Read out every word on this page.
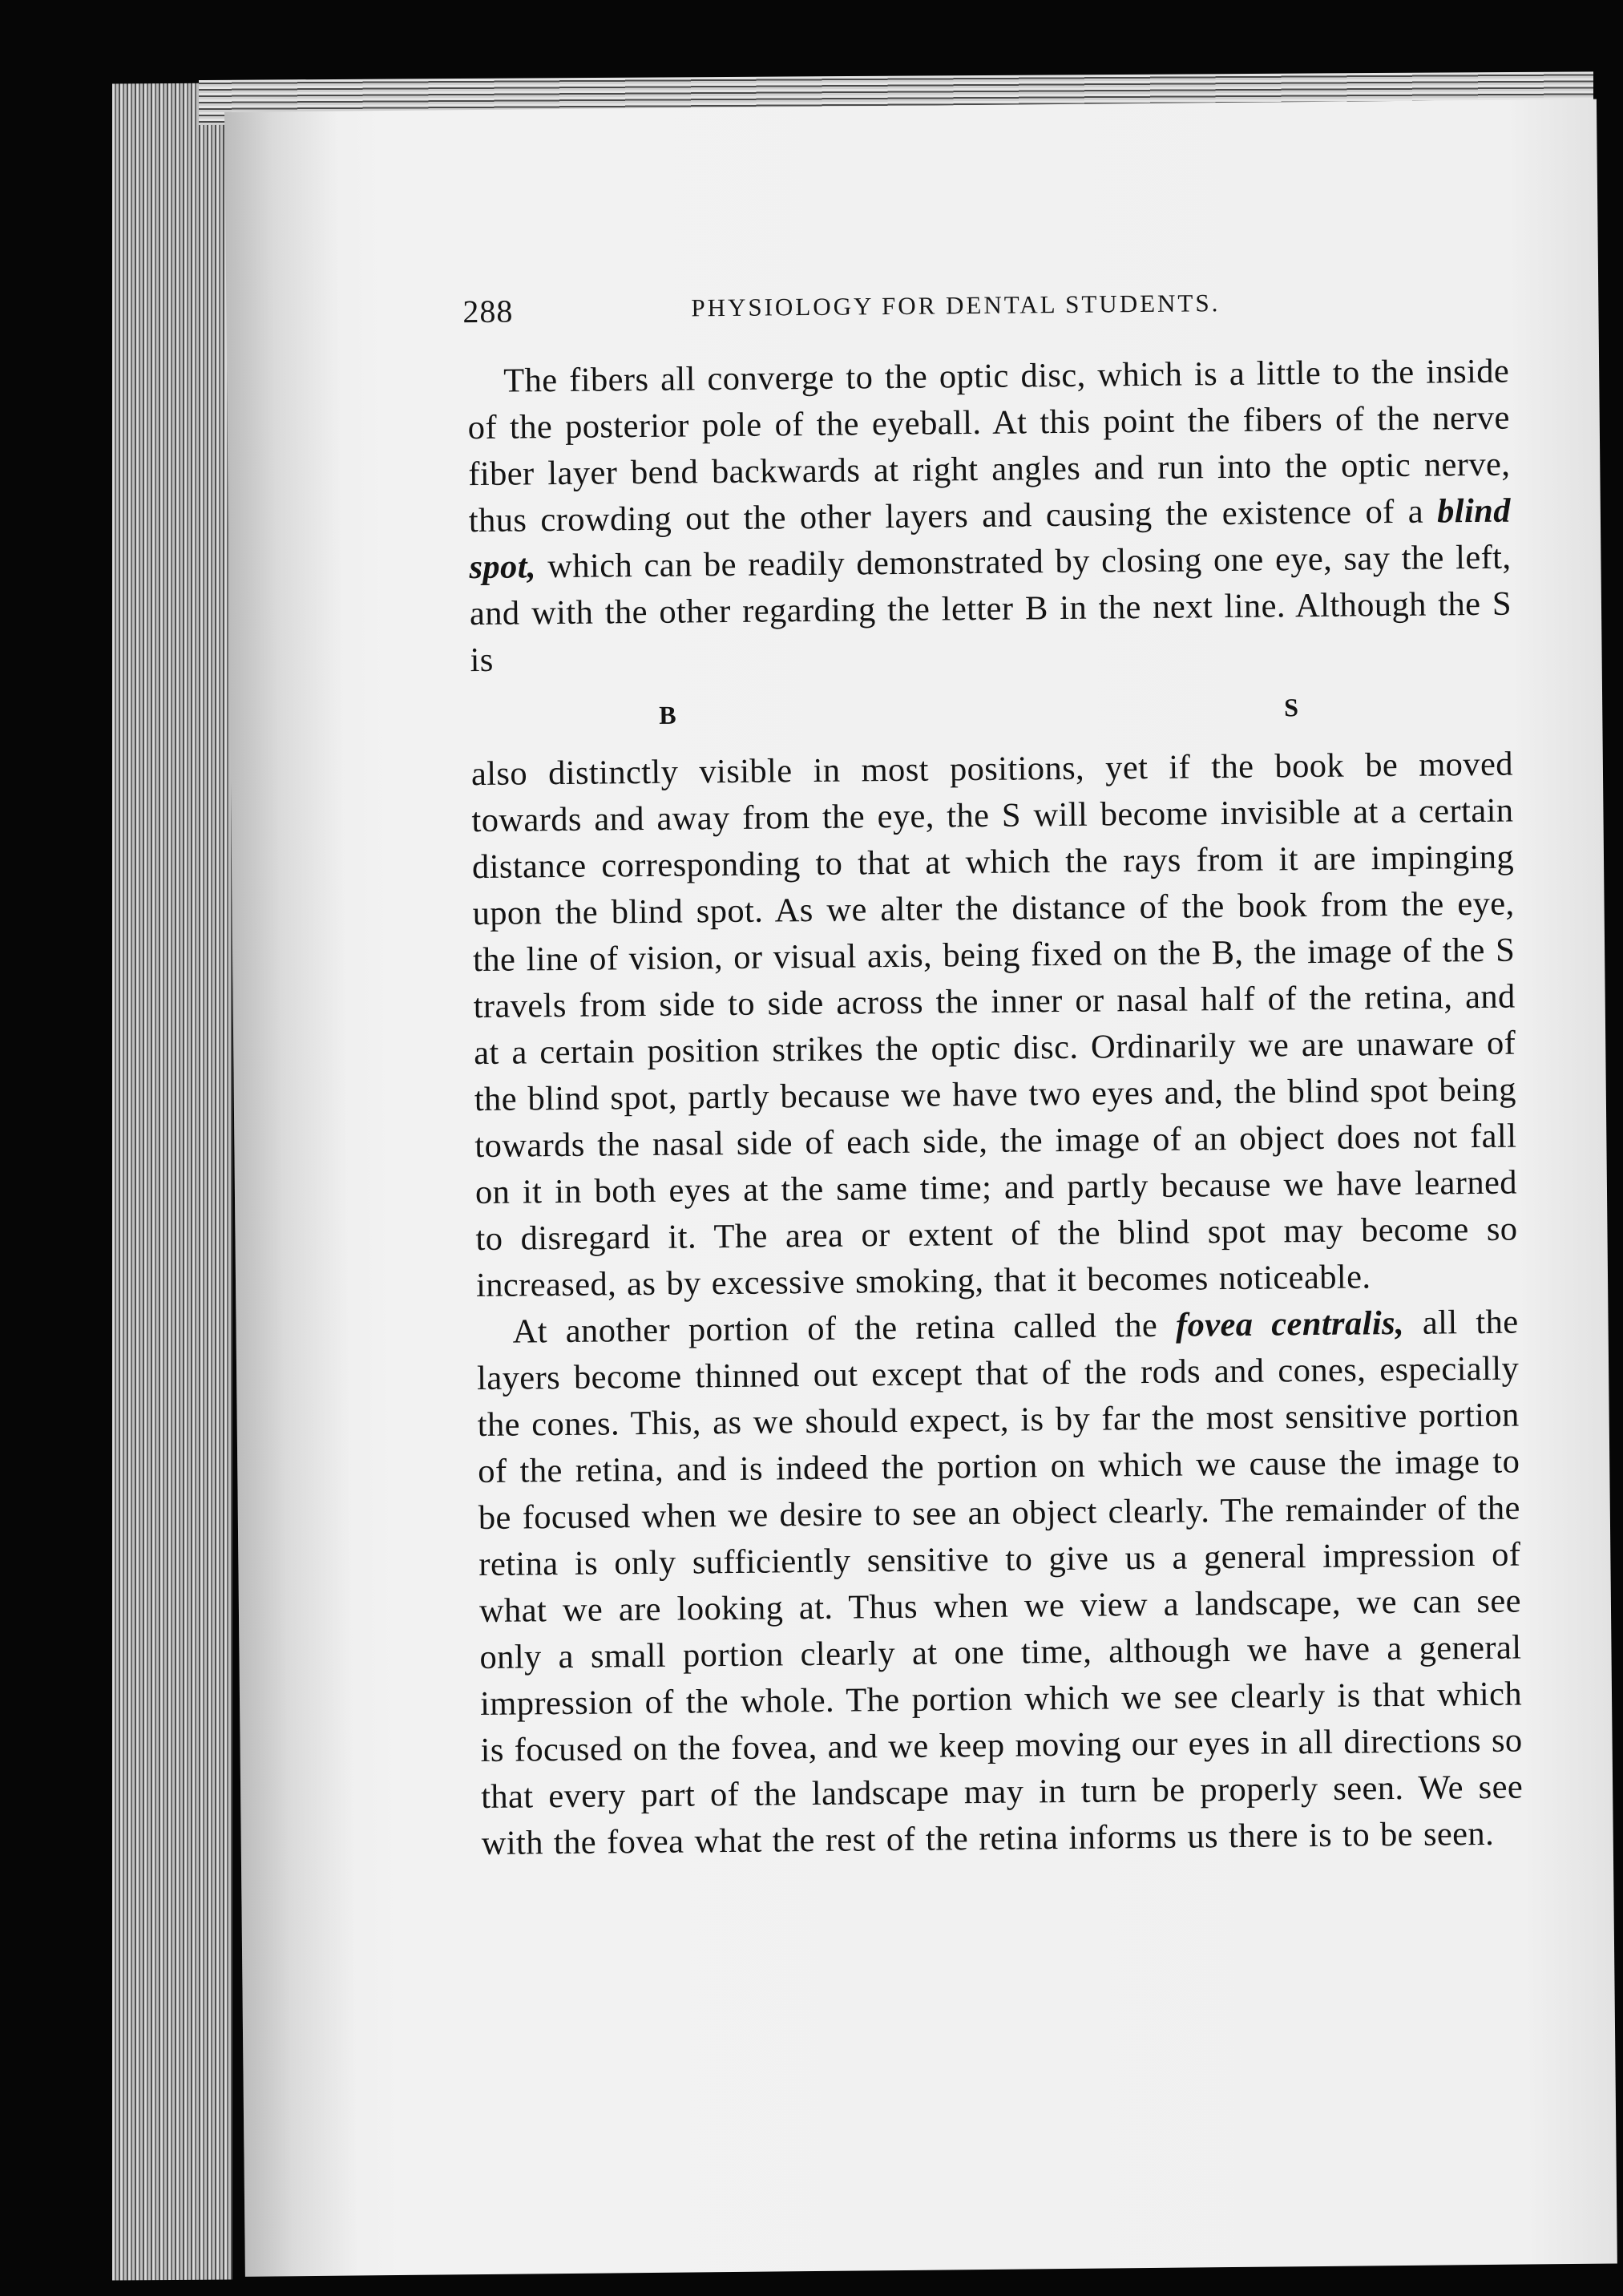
288	PHYSIOLOGY FOR DENTAL STUDENTS.

The fibers all converge to the optic disc, which is a little to the inside of the posterior pole of the eyeball. At this point the fibers of the nerve fiber layer bend backwards at right angles and run into the optic nerve, thus crowding out the other layers and causing the existence of a blind spot, which can be readily demonstrated by closing one eye, say the left, and with the other regarding the letter B in the next line. Although the S is

B	S

also distinctly visible in most positions, yet if the book be moved towards and away from the eye, the S will become invisible at a certain distance corresponding to that at which the rays from it are impinging upon the blind spot. As we alter the distance of the book from the eye, the line of vision, or visual axis, being fixed on the B, the image of the S travels from side to side across the inner or nasal half of the retina, and at a certain position strikes the optic disc. Ordinarily we are unaware of the blind spot, partly because we have two eyes and, the blind spot being towards the nasal side of each side, the image of an object does not fall on it in both eyes at the same time; and partly because we have learned to disregard it. The area or extent of the blind spot may become so increased, as by excessive smoking, that it becomes noticeable.

At another portion of the retina called the fovea centralis, all the layers become thinned out except that of the rods and cones, especially the cones. This, as we should expect, is by far the most sensitive portion of the retina, and is indeed the portion on which we cause the image to be focused when we desire to see an object clearly. The remainder of the retina is only sufficiently sensitive to give us a general impression of what we are looking at. Thus when we view a landscape, we can see only a small portion clearly at one time, although we have a general impression of the whole. The portion which we see clearly is that which is focused on the fovea, and we keep moving our eyes in all directions so that every part of the landscape may in turn be properly seen. We see with the fovea what the rest of the retina informs us there is to be seen.
